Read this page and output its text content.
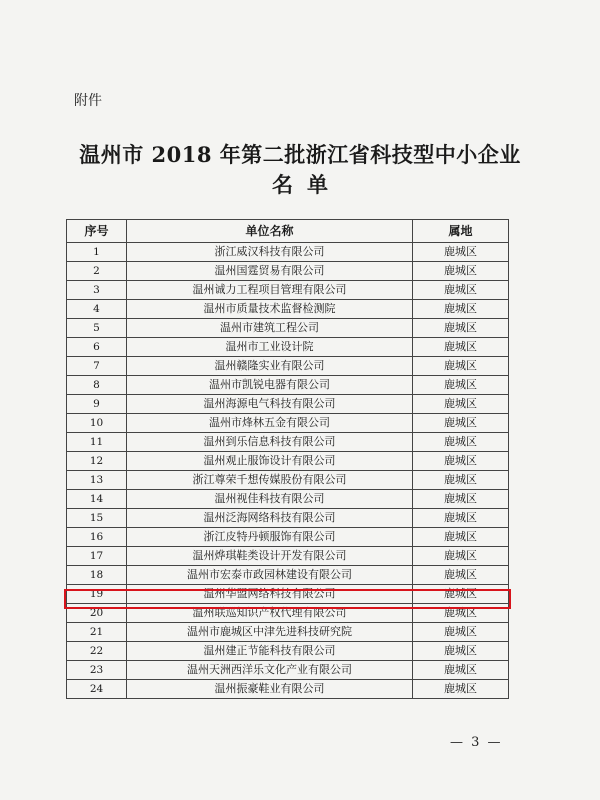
附件
温州市 2018 年第二批浙江省科技型中小企业
名单
序号	单位名称	属地
1	浙江威汉科技有限公司	鹿城区
2	温州国霆贸易有限公司	鹿城区
3	温州诚力工程项目管理有限公司	鹿城区
4	温州市质量技术监督检测院	鹿城区
5	温州市建筑工程公司	鹿城区
6	温州市工业设计院	鹿城区
7	温州赣隆实业有限公司	鹿城区
8	温州市凯锐电器有限公司	鹿城区
9	温州海源电气科技有限公司	鹿城区
10	温州市烽林五金有限公司	鹿城区
11	温州到乐信息科技有限公司	鹿城区
12	温州观止服饰设计有限公司	鹿城区
13	浙江尊荣千想传媒股份有限公司	鹿城区
14	温州视佳科技有限公司	鹿城区
15	温州泛海网络科技有限公司	鹿城区
16	浙江皮特丹顿服饰有限公司	鹿城区
17	温州烨琪鞋类设计开发有限公司	鹿城区
18	温州市宏泰市政园林建设有限公司	鹿城区
19	温州华盟网络科技有限公司	鹿城区
20	温州联巡知识产权代理有限公司	鹿城区
21	温州市鹿城区中津先进科技研究院	鹿城区
22	温州建正节能科技有限公司	鹿城区
23	温州天洲西洋乐文化产业有限公司	鹿城区
24	温州振豪鞋业有限公司	鹿城区
— 3 —
